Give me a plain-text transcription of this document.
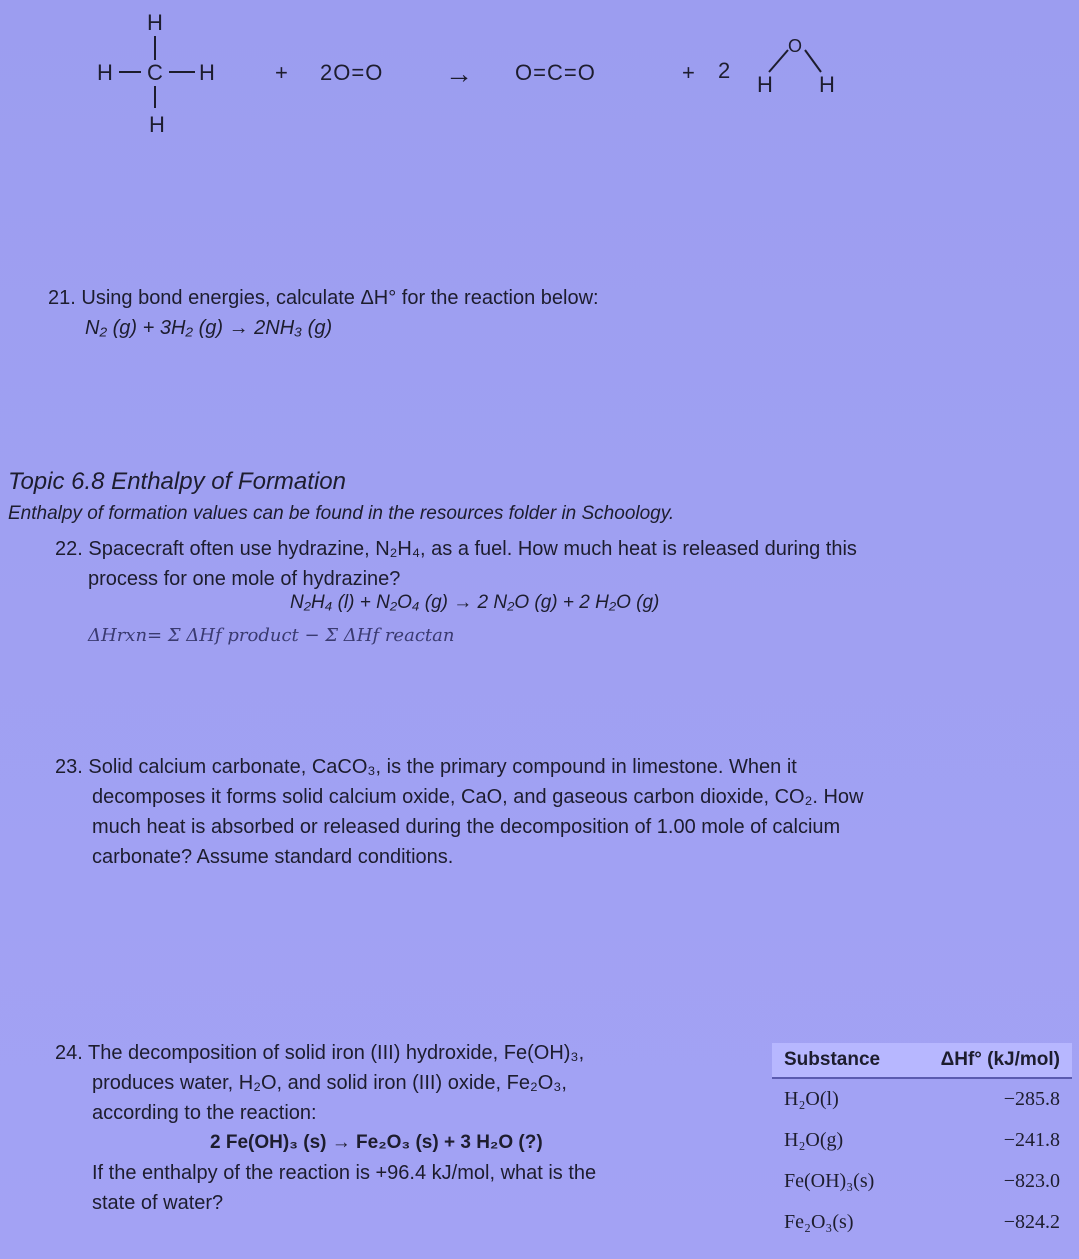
H
H C H
H
+ 2O=O → O=C=O	+ 2
O
H H
21. Using bond energies, calculate ΔH° for the reaction below:
N₂ (g) + 3H₂ (g) → 2NH₃ (g)
Topic 6.8 Enthalpy of Formation
Enthalpy of formation values can be found in the resources folder in Schoology.
22. Spacecraft often use hydrazine, N₂H₄, as a fuel. How much heat is released during this
process for one mole of hydrazine?
N₂H₄ (l) + N₂O₄ (g) → 2 N₂O (g) + 2 H₂O (g)
ΔHrxn= Σ ΔHf product − Σ ΔHf reactan
23. Solid calcium carbonate, CaCO₃, is the primary compound in limestone. When it
decomposes it forms solid calcium oxide, CaO, and gaseous carbon dioxide, CO₂. How
much heat is absorbed or released during the decomposition of 1.00 mole of calcium
carbonate? Assume standard conditions.
24. The decomposition of solid iron (III) hydroxide, Fe(OH)₃,
produces water, H₂O, and solid iron (III) oxide, Fe₂O₃,
according to the reaction:
2 Fe(OH)₃ (s) → Fe₂O₃ (s) + 3 H₂O (?)
If the enthalpy of the reaction is +96.4 kJ/mol, what is the
state of water?
Substance	ΔHf° (kJ/mol)
H₂O(l)	−285.8
H₂O(g)	−241.8
Fe(OH)₃(s)	−823.0
Fe₂O₃(s)	−824.2
